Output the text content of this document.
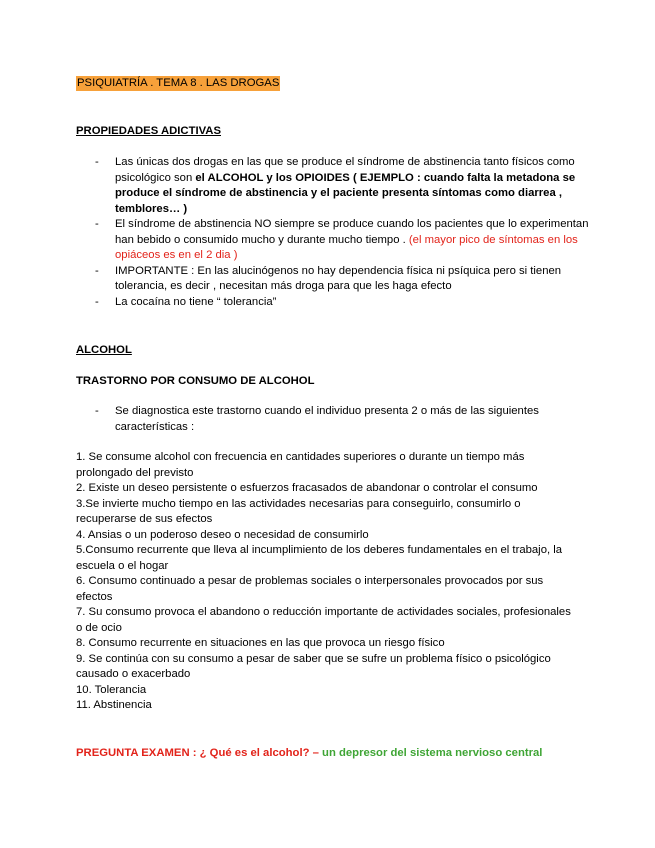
PSIQUIATRÍA . TEMA 8 . LAS DROGAS
PROPIEDADES ADICTIVAS
- Las únicas dos drogas en las que se produce el síndrome de abstinencia tanto físicos como psicológico son el ALCOHOL y los OPIOIDES ( EJEMPLO : cuando falta la metadona se produce el síndrome de abstinencia y el paciente presenta síntomas como diarrea , temblores… )
- El síndrome de abstinencia NO siempre se produce cuando los pacientes que lo experimentan han bebido o consumido mucho y durante mucho tiempo . (el mayor pico de síntomas en los opiáceos es en el 2 dia )
- IMPORTANTE : En las alucinógenos no hay dependencia física ni psíquica pero si tienen tolerancia, es decir , necesitan más droga para que les haga efecto
- La cocaína no tiene “ tolerancia”
ALCOHOL
TRASTORNO POR CONSUMO DE ALCOHOL
- Se diagnostica este trastorno cuando el individuo presenta 2 o más de las siguientes características :
1. Se consume alcohol con frecuencia en cantidades superiores o durante un tiempo más prolongado del previsto
2. Existe un deseo persistente o esfuerzos fracasados de abandonar o controlar el consumo
3.Se invierte mucho tiempo en las actividades necesarias para conseguirlo, consumirlo o recuperarse de sus efectos
4. Ansias o un poderoso deseo o necesidad de consumirlo
5.Consumo recurrente que lleva al incumplimiento de los deberes fundamentales en el trabajo, la escuela o el hogar
6. Consumo continuado a pesar de problemas sociales o interpersonales provocados por sus efectos
7. Su consumo provoca el abandono o reducción importante de actividades sociales, profesionales o de ocio
8. Consumo recurrente en situaciones en las que provoca un riesgo físico
9. Se continúa con su consumo a pesar de saber que se sufre un problema físico o psicológico causado o exacerbado
10. Tolerancia
11. Abstinencia
PREGUNTA EXAMEN : ¿ Qué es el alcohol? – un depresor del sistema nervioso central
